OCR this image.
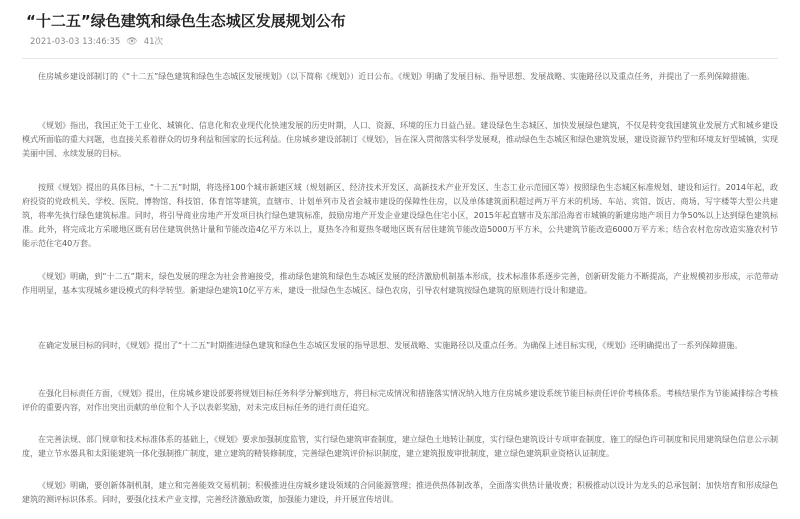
“十二五”绿色建筑和绿色生态城区发展规划公布
2021-03-03 13:46:35 👁 41次

住房城乡建设部制订的《“十二五”绿色建筑和绿色生态城区发展规划》（以下简称《规划》）近日公布。《规划》明确了发展目标、指导思想、发展战略、实施路径以及重点任务，并提出了一系列保障措施。

《规划》指出，我国正处于工业化、城镇化、信息化和农业现代化快速发展的历史时期，人口、资源、环境的压力日益凸显。建设绿色生态城区、加快发展绿色建筑，不仅是转变我国建筑业发展方式和城乡建设模式所面临的重大问题，也直接关系着群众的切身利益和国家的长远利益。住房城乡建设部制订《规划》，旨在深入贯彻落实科学发展观，推动绿色生态城区和绿色建筑发展，建设资源节约型和环境友好型城镇，实现美丽中国、永续发展的目标。

按照《规划》提出的具体目标，“十二五”时期，将选择100个城市新建区域（规划新区、经济技术开发区、高新技术产业开发区、生态工业示范园区等）按照绿色生态城区标准规划、建设和运行。2014年起，政府投资的党政机关、学校、医院、博物馆、科技馆、体育馆等建筑，直辖市、计划单列市及省会城市建设的保障性住房，以及单体建筑面积超过两万平方米的机场、车站、宾馆、饭店、商场、写字楼等大型公共建筑，将率先执行绿色建筑标准。同时，将引导商业房地产开发项目执行绿色建筑标准，鼓励房地产开发企业建设绿色住宅小区，2015年起直辖市及东部沿海省市城镇的新建房地产项目力争50%以上达到绿色建筑标准。此外，将完成北方采暖地区既有居住建筑供热计量和节能改造4亿平方米以上，夏热冬冷和夏热冬暖地区既有居住建筑节能改造5000万平方米，公共建筑节能改造6000万平方米；结合农村危房改造实施农村节能示范住宅40万套。

《规划》明确，到“十二五”期末，绿色发展的理念为社会普遍接受，推动绿色建筑和绿色生态城区发展的经济激励机制基本形成，技术标准体系逐步完善，创新研发能力不断提高，产业规模初步形成，示范带动作用明显，基本实现城乡建设模式的科学转型。新建绿色建筑10亿平方米，建设一批绿色生态城区、绿色农房，引导农村建筑按绿色建筑的原则进行设计和建造。

在确定发展目标的同时，《规划》提出了“十二五”时期推进绿色建筑和绿色生态城区发展的指导思想、发展战略、实施路径以及重点任务。为确保上述目标实现，《规划》还明确提出了一系列保障措施。

在强化目标责任方面，《规划》提出，住房城乡建设部要将规划目标任务科学分解到地方，将目标完成情况和措施落实情况纳入地方住房城乡建设系统节能目标责任评价考核体系。考核结果作为节能减排综合考核评价的重要内容，对作出突出贡献的单位和个人予以表彰奖励，对未完成目标任务的进行责任追究。

在完善法规、部门规章和技术标准体系的基础上，《规划》要求加强制度监管，实行绿色建筑审查制度，建立绿色土地转让制度，实行绿色建筑设计专项审查制度、施工的绿色许可制度和民用建筑绿色信息公示制度，建立节水器具和太阳能建筑一体化强制推广制度，建立建筑的精装修制度，完善绿色建筑评价标识制度，建立建筑报废审批制度，建立绿色建筑职业资格认证制度。

《规划》明确，要创新体制机制，建立和完善能效交易机制；积极推进住房城乡建设领域的合同能源管理；推进供热体制改革，全面落实供热计量收费；积极推动以设计为龙头的总承包制；加快培育和形成绿色建筑的测评标识体系。同时，要强化技术产业支撑，完善经济激励政策，加强能力建设，并开展宣传培训。
